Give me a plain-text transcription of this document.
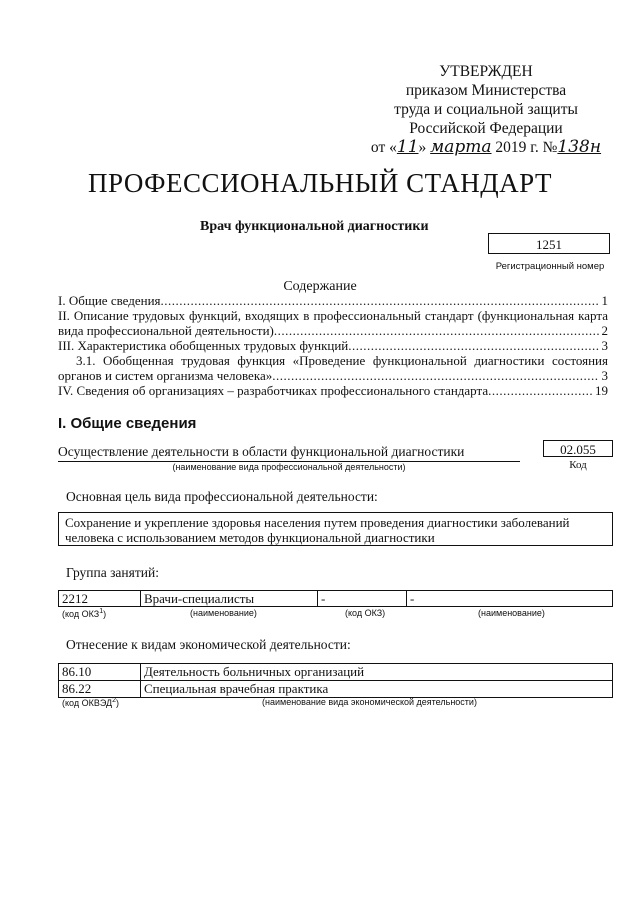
УТВЕРЖДЕН
приказом Министерства
труда и социальной защиты
Российской Федерации
от «11» марта 2019 г. №138н
ПРОФЕССИОНАЛЬНЫЙ СТАНДАРТ
Врач функциональной диагностики
1251
Регистрационный номер
Содержание
I. Общие сведения .....	1
II. Описание трудовых функций, входящих в профессиональный стандарт (функциональная карта
вида профессиональной деятельности) .....	2
III. Характеристика обобщенных трудовых функций .....	3
3.1. Обобщенная трудовая функция «Проведение функциональной диагностики состояния
органов и систем организма человека» .....	3
IV. Сведения об организациях – разработчиках профессионального стандарта .....	19
I. Общие сведения
Осуществление деятельности в области функциональной диагностики
(наименование вида профессиональной деятельности)
02.055
Код
Основная цель вида профессиональной деятельности:
Сохранение и укрепление здоровья населения путем проведения диагностики заболеваний
человека с использованием методов функциональной диагностики
Группа занятий:
2212	Врачи-специалисты	-	-
(код ОКЗ$^1$)	(наименование)	(код ОКЗ)	(наименование)
Отнесение к видам экономической деятельности:
86.10	Деятельность больничных организаций
86.22	Специальная врачебная практика
(код ОКВЭД$^2$)	(наименование вида экономической деятельности)
